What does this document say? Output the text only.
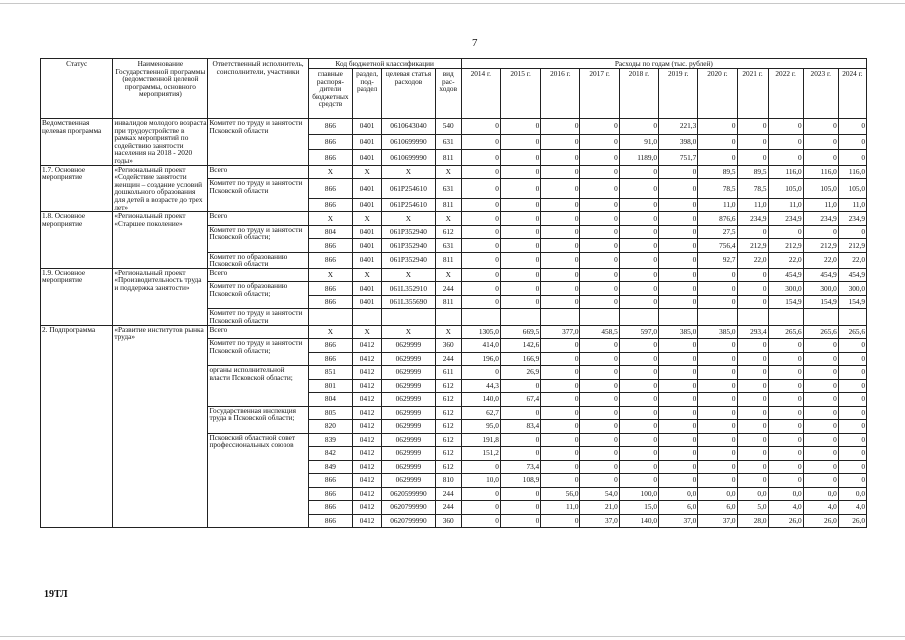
7
Статус	Наименование Государственной программы (ведомственной целевой программы, основного мероприятия)	Ответственный исполнитель, соисполнители, участники	Код бюджетной классификации				Расходы по годам (тыс. рублей)										
			главные распоря-дители бюджетных средств	раздел, под-раздел	целевая статья расходов	вид рас-ходов	2014 г.	2015 г.	2016 г.	2017 г.	2018 г.	2019 г.	2020 г.	2021 г.	2022 г.	2023 г.	2024 г.
Ведомственная целевая программа	инвалидов молодого возраста при трудоустройстве в рамках мероприятий по содействию занятости населения на 2018 - 2020 годы»	Комитет по труду и занятости Псковской области	866	0401	0610643040	540	0	0	0	0	0	221,3	0	0	0	0	0
			866	0401	0610699990	631	0	0	0	0	91,0	398,0	0	0	0	0	0
			866	0401	0610699990	811	0	0	0	0	1189,0	751,7	0	0	0	0	0
1.7. Основное мероприятие	«Региональный проект «Содействие занятости женщин – создание условий дошкольного образования для детей в возрасте до трех лет»	Всего	X	X	X	X	0	0	0	0	0	0	89,5	89,5	116,0	116,0	116,0
		Комитет по труду и занятости Псковской области	866	0401	061P254610	631	0	0	0	0	0	0	78,5	78,5	105,0	105,0	105,0
			866	0401	061P254610	811	0	0	0	0	0	0	11,0	11,0	11,0	11,0	11,0
1.8. Основное мероприятие	«Региональный проект «Старшее поколение»	Всего	X	X	X	X	0	0	0	0	0	0	876,6	234,9	234,9	234,9	234,9
		Комитет по труду и занятости Псковской области;	804	0401	061P352940	612	0	0	0	0	0	0	27,5	0	0	0	0
			866	0401	061P352940	631	0	0	0	0	0	0	756,4	212,9	212,9	212,9	212,9
		Комитет по образованию Псковской области	866	0401	061P352940	811	0	0	0	0	0	0	92,7	22,0	22,0	22,0	22,0
1.9. Основное мероприятие	«Региональный проект «Производительность труда и поддержка занятости»	Всего	X	X	X	X	0	0	0	0	0	0	0	0	454,9	454,9	454,9
		Комитет по образованию Псковской области;	866	0401	061L352910	244	0	0	0	0	0	0	0	0	300,0	300,0	300,0
			866	0401	061L355690	811	0	0	0	0	0	0	0	0	154,9	154,9	154,9
		Комитет по труду и занятости Псковской области															
2. Подпрограмма	«Развитие институтов рынка труда»	Всего	X	X	X	X	1305,0	669,5	377,0	458,5	597,0	385,0	385,0	293,4	265,6	265,6	265,6
		Комитет по труду и занятости Псковской области;	866	0412	0629999	360	414,0	142,6	0	0	0	0	0	0	0	0	0
			866	0412	0629999	244	196,0	166,9	0	0	0	0	0	0	0	0	0
		органы исполнительной власти Псковской области;	851	0412	0629999	611	0	26,9	0	0	0	0	0	0	0	0	0
			801	0412	0629999	612	44,3	0	0	0	0	0	0	0	0	0	0
			804	0412	0629999	612	140,0	67,4	0	0	0	0	0	0	0	0	0
		Государственная инспекция труда в Псковской области;	805	0412	0629999	612	62,7	0	0	0	0	0	0	0	0	0	0
			820	0412	0629999	612	95,0	83,4	0	0	0	0	0	0	0	0	0
		Псковский областной совет профессиональных союзов	839	0412	0629999	612	191,8	0	0	0	0	0	0	0	0	0	0
			842	0412	0629999	612	151,2	0	0	0	0	0	0	0	0	0	0
			849	0412	0629999	612	0	73,4	0	0	0	0	0	0	0	0	0
			866	0412	0629999	810	10,0	108,9	0	0	0	0	0	0	0	0	0
			866	0412	0620599990	244	0	0	56,0	54,0	100,0	0,0	0,0	0,0	0,0	0,0	0,0
			866	0412	0620799990	244	0	0	11,0	21,0	15,0	6,0	6,0	5,0	4,0	4,0	4,0
			866	0412	0620799990	360	0	0	0	37,0	140,0	37,0	37,0	28,0	26,0	26,0	26,0
19ТЛ
